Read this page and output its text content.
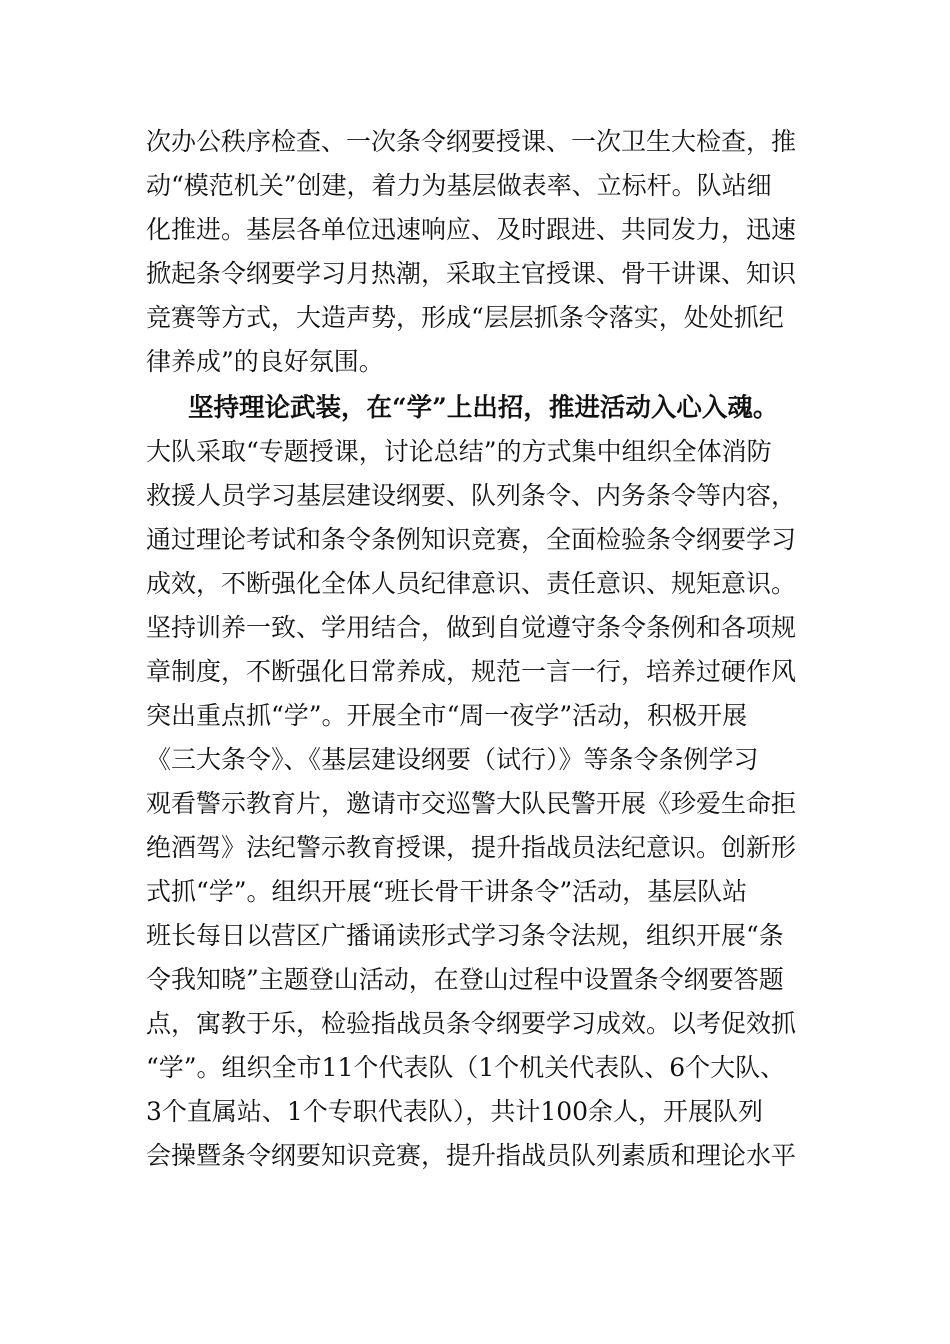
次办公秩序检查、一次条令纲要授课、一次卫生大检查，推
动“模范机关”创建，着力为基层做表率、立标杆。队站细
化推进。基层各单位迅速响应、及时跟进、共同发力，迅速
掀起条令纲要学习月热潮，采取主官授课、骨干讲课、知识
竞赛等方式，大造声势，形成“层层抓条令落实，处处抓纪
律养成”的良好氛围。
坚持理论武装，在“学”上出招，推进活动入心入魂。
大队采取“专题授课，讨论总结”的方式集中组织全体消防
救援人员学习基层建设纲要、队列条令、内务条令等内容，
通过理论考试和条令条例知识竞赛，全面检验条令纲要学习
成效，不断强化全体人员纪律意识、责任意识、规矩意识。
坚持训养一致、学用结合，做到自觉遵守条令条例和各项规
章制度，不断强化日常养成，规范一言一行，培养过硬作风
突出重点抓“学”。开展全市“周一夜学”活动，积极开展
《三大条令》、《基层建设纲要（试行）》等条令条例学习
观看警示教育片，邀请市交巡警大队民警开展《珍爱生命拒
绝酒驾》法纪警示教育授课，提升指战员法纪意识。创新形
式抓“学”。组织开展“班长骨干讲条令”活动，基层队站
班长每日以营区广播诵读形式学习条令法规，组织开展“条
令我知晓”主题登山活动，在登山过程中设置条令纲要答题
点，寓教于乐，检验指战员条令纲要学习成效。以考促效抓
“学”。组织全市11个代表队（1个机关代表队、6个大队、
3个直属站、1个专职代表队），共计100余人，开展队列
会操暨条令纲要知识竞赛，提升指战员队列素质和理论水平
